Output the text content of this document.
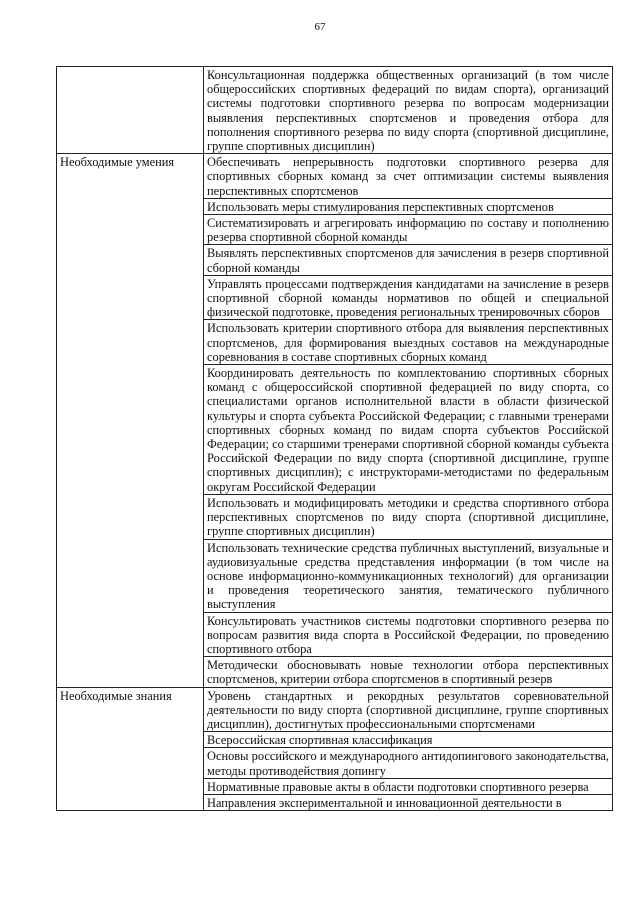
67
	Консультационная поддержка общественных организаций (в том числе общероссийских спортивных федераций по видам спорта), организаций системы подготовки спортивного резерва по вопросам модернизации выявления перспективных спортсменов и проведения отбора для пополнения спортивного резерва по виду спорта (спортивной дисциплине, группе спортивных дисциплин)
Необходимые умения	Обеспечивать непрерывность подготовки спортивного резерва для спортивных сборных команд за счет оптимизации системы выявления перспективных спортсменов
	Использовать меры стимулирования перспективных спортсменов
	Систематизировать и агрегировать информацию по составу и пополнению резерва спортивной сборной команды
	Выявлять перспективных спортсменов для зачисления в резерв спортивной сборной команды
	Управлять процессами подтверждения кандидатами на зачисление в резерв спортивной сборной команды нормативов по общей и специальной физической подготовке, проведения региональных тренировочных сборов
	Использовать критерии спортивного отбора для выявления перспективных спортсменов, для формирования выездных составов на международные соревнования в составе спортивных сборных команд
	Координировать деятельность по комплектованию спортивных сборных команд с общероссийской спортивной федерацией по виду спорта, со специалистами органов исполнительной власти в области физической культуры и спорта субъекта Российской Федерации; с главными тренерами спортивных сборных команд по видам спорта субъектов Российской Федерации; со старшими тренерами спортивной сборной команды субъекта Российской Федерации по виду спорта (спортивной дисциплине, группе спортивных дисциплин); с инструкторами-методистами по федеральным округам Российской Федерации
	Использовать и модифицировать методики и средства спортивного отбора перспективных спортсменов по виду спорта (спортивной дисциплине, группе спортивных дисциплин)
	Использовать технические средства публичных выступлений, визуальные и аудиовизуальные средства представления информации (в том числе на основе информационно-коммуникационных технологий) для организации и проведения теоретического занятия, тематического публичного выступления
	Консультировать участников системы подготовки спортивного резерва по вопросам развития вида спорта в Российской Федерации, по проведению спортивного отбора
	Методически обосновывать новые технологии отбора перспективных спортсменов, критерии отбора спортсменов в спортивный резерв
Необходимые знания	Уровень стандартных и рекордных результатов соревновательной деятельности по виду спорта (спортивной дисциплине, группе спортивных дисциплин), достигнутых профессиональными спортсменами
	Всероссийская спортивная классификация
	Основы российского и международного антидопингового законодательства, методы противодействия допингу
	Нормативные правовые акты в области подготовки спортивного резерва
	Направления экспериментальной и инновационной деятельности в
